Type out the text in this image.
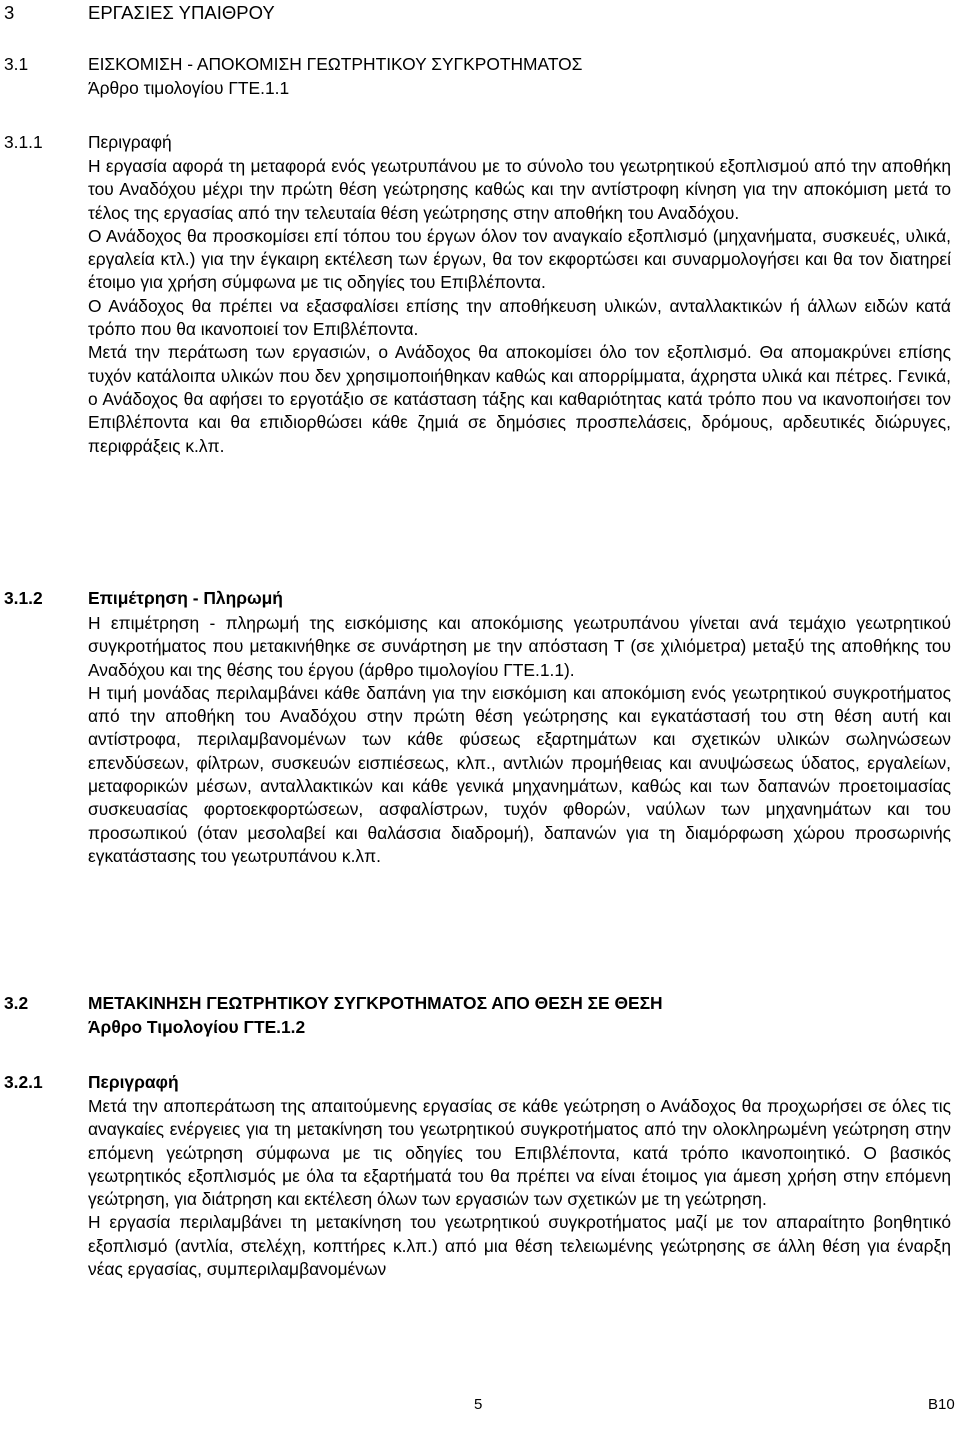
3	ΕΡΓΑΣΙΕΣ ΥΠΑΙΘΡΟΥ
3.1	ΕΙΣΚΟΜΙΣΗ - ΑΠΟΚΟΜΙΣΗ ΓΕΩΤΡΗΤΙΚΟΥ ΣΥΓΚΡΟΤΗΜΑΤΟΣ
Άρθρο τιμολογίου ΓΤΕ.1.1
3.1.1	Περιγραφή

Η εργασία αφορά τη μεταφορά ενός γεωτρυπάνου με το σύνολο του γεωτρητικού εξοπλισμού από την αποθήκη του Αναδόχου μέχρι την πρώτη θέση γεώτρησης καθώς και την αντίστροφη κίνηση για την αποκόμιση μετά το τέλος της εργασίας από την τελευταία θέση γεώτρησης στην αποθήκη του Αναδόχου.

Ο Ανάδοχος θα προσκομίσει επί τόπου του έργων όλον τον αναγκαίο εξοπλισμό (μηχανήματα, συσκευές, υλικά, εργαλεία κτλ.) για την έγκαιρη εκτέλεση των έργων, θα τον εκφορτώσει και συναρμολογήσει και θα τον διατηρεί έτοιμο για χρήση σύμφωνα με τις οδηγίες του Επιβλέποντα.

Ο Ανάδοχος θα πρέπει να εξασφαλίσει επίσης την αποθήκευση υλικών, ανταλλακτικών ή άλλων ειδών κατά τρόπο που θα ικανοποιεί τον Επιβλέποντα.

Μετά την περάτωση των εργασιών, ο Ανάδοχος θα αποκομίσει όλο τον εξοπλισμό. Θα απομακρύνει επίσης τυχόν κατάλοιπα υλικών που δεν χρησιμοποιήθηκαν καθώς και απορρίμματα, άχρηστα υλικά και πέτρες. Γενικά, ο Ανάδοχος θα αφήσει το εργοτάξιο σε κατάσταση τάξης και καθαριότητας κατά τρόπο που να ικανοποιήσει τον Επιβλέποντα και θα επιδιορθώσει κάθε ζημιά σε δημόσιες προσπελάσεις, δρόμους, αρδευτικές διώρυγες, περιφράξεις κ.λπ.

3.1.2	Επιμέτρηση - Πληρωμή

Η επιμέτρηση - πληρωμή της εισκόμισης και αποκόμισης γεωτρυπάνου γίνεται ανά τεμάχιο γεωτρητικού συγκροτήματος που μετακινήθηκε σε συνάρτηση με την απόσταση Τ (σε χιλιόμετρα) μεταξύ της αποθήκης του Αναδόχου και της θέσης του έργου (άρθρο τιμολογίου ΓΤΕ.1.1).

Η τιμή μονάδας περιλαμβάνει κάθε δαπάνη για την εισκόμιση και αποκόμιση ενός γεωτρητικού συγκροτήματος από την αποθήκη του Αναδόχου στην πρώτη θέση γεώτρησης και εγκατάστασή του στη θέση αυτή και αντίστροφα, περιλαμβανομένων των κάθε φύσεως εξαρτημάτων και σχετικών υλικών σωληνώσεων επενδύσεων, φίλτρων, συσκευών εισπιέσεως, κλπ., αντλιών προμήθειας και ανυψώσεως ύδατος, εργαλείων, μεταφορικών μέσων, ανταλλακτικών και κάθε γενικά μηχανημάτων, καθώς και των δαπανών προετοιμασίας συσκευασίας φορτοεκφορτώσεων, ασφαλίστρων, τυχόν φθορών, ναύλων των μηχανημάτων και του προσωπικού (όταν μεσολαβεί και θαλάσσια διαδρομή), δαπανών για τη διαμόρφωση χώρου προσωρινής εγκατάστασης του γεωτρυπάνου κ.λπ.

3.2	ΜΕΤΑΚΙΝΗΣΗ ΓΕΩΤΡΗΤΙΚΟΥ ΣΥΓΚΡΟΤΗΜΑΤΟΣ ΑΠΟ ΘΕΣΗ ΣΕ ΘΕΣΗ
Άρθρο Τιμολογίου ΓΤΕ.1.2
3.2.1	Περιγραφή

Μετά την αποπεράτωση της απαιτούμενης εργασίας σε κάθε γεώτρηση ο Ανάδοχος θα προχωρήσει σε όλες τις αναγκαίες ενέργειες για τη μετακίνηση του γεωτρητικού συγκροτήματος από την ολοκληρωμένη γεώτρηση στην επόμενη γεώτρηση σύμφωνα με τις οδηγίες του Επιβλέποντα, κατά τρόπο ικανοποιητικό. Ο βασικός γεωτρητικός εξοπλισμός με όλα τα εξαρτήματά του θα πρέπει να είναι έτοιμος για άμεση χρήση στην επόμενη γεώτρηση, για διάτρηση και εκτέλεση όλων των εργασιών των σχετικών με τη γεώτρηση.

Η εργασία περιλαμβάνει τη μετακίνηση του γεωτρητικού συγκροτήματος μαζί με τον απαραίτητο βοηθητικό εξοπλισμό (αντλία, στελέχη, κοπτήρες κ.λπ.) από μια θέση τελειωμένης γεώτρησης σε άλλη θέση για έναρξη νέας εργασίας, συμπεριλαμβανομένων

5	Β10
